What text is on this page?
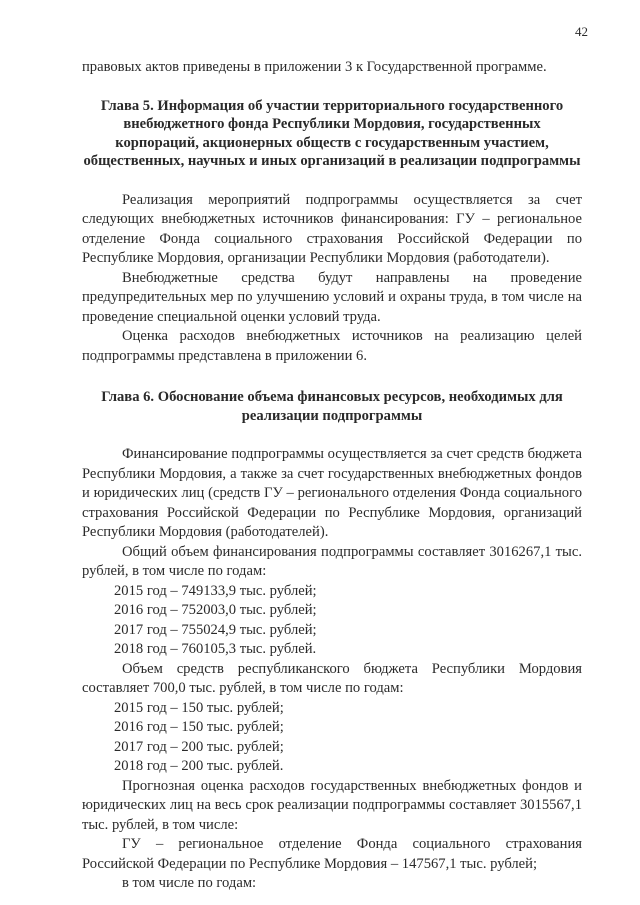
42

правовых актов приведены в приложении 3 к Государственной программе.

Глава 5. Информация об участии территориального государственного внебюджетного фонда Республики Мордовия, государственных корпораций, акционерных обществ с государственным участием, общественных, научных и иных организаций в реализации подпрограммы

Реализация мероприятий подпрограммы осуществляется за счет следующих внебюджетных источников финансирования: ГУ – региональное отделение Фонда социального страхования Российской Федерации по Республике Мордовия, организации Республики Мордовия (работодатели).

Внебюджетные средства будут направлены на проведение предупредительных мер по улучшению условий и охраны труда, в том числе на проведение специальной оценки условий труда.

Оценка расходов внебюджетных источников на реализацию целей подпрограммы представлена в приложении 6.

Глава 6. Обоснование объема финансовых ресурсов, необходимых для реализации подпрограммы

Финансирование подпрограммы осуществляется за счет средств бюджета Республики Мордовия, а также за счет государственных внебюджетных фондов и юридических лиц (средств ГУ – регионального отделения Фонда социального страхования Российской Федерации по Республике Мордовия, организаций Республики Мордовия (работодателей).

Общий объем финансирования подпрограммы составляет 3016267,1 тыс. рублей, в том числе по годам:

2015 год – 749133,9 тыс. рублей;

2016 год – 752003,0 тыс. рублей;

2017 год – 755024,9 тыс. рублей;

2018 год – 760105,3 тыс. рублей.

Объем средств республиканского бюджета Республики Мордовия составляет 700,0 тыс. рублей, в том числе по годам:

2015 год – 150 тыс. рублей;

2016 год – 150 тыс. рублей;

2017 год – 200 тыс. рублей;

2018 год – 200 тыс. рублей.

Прогнозная оценка расходов государственных внебюджетных фондов и юридических лиц на весь срок реализации подпрограммы составляет 3015567,1 тыс. рублей, в том числе:

ГУ – региональное отделение Фонда социального страхования Российской Федерации по Республике Мордовия – 147567,1 тыс. рублей;

в том числе по годам:
